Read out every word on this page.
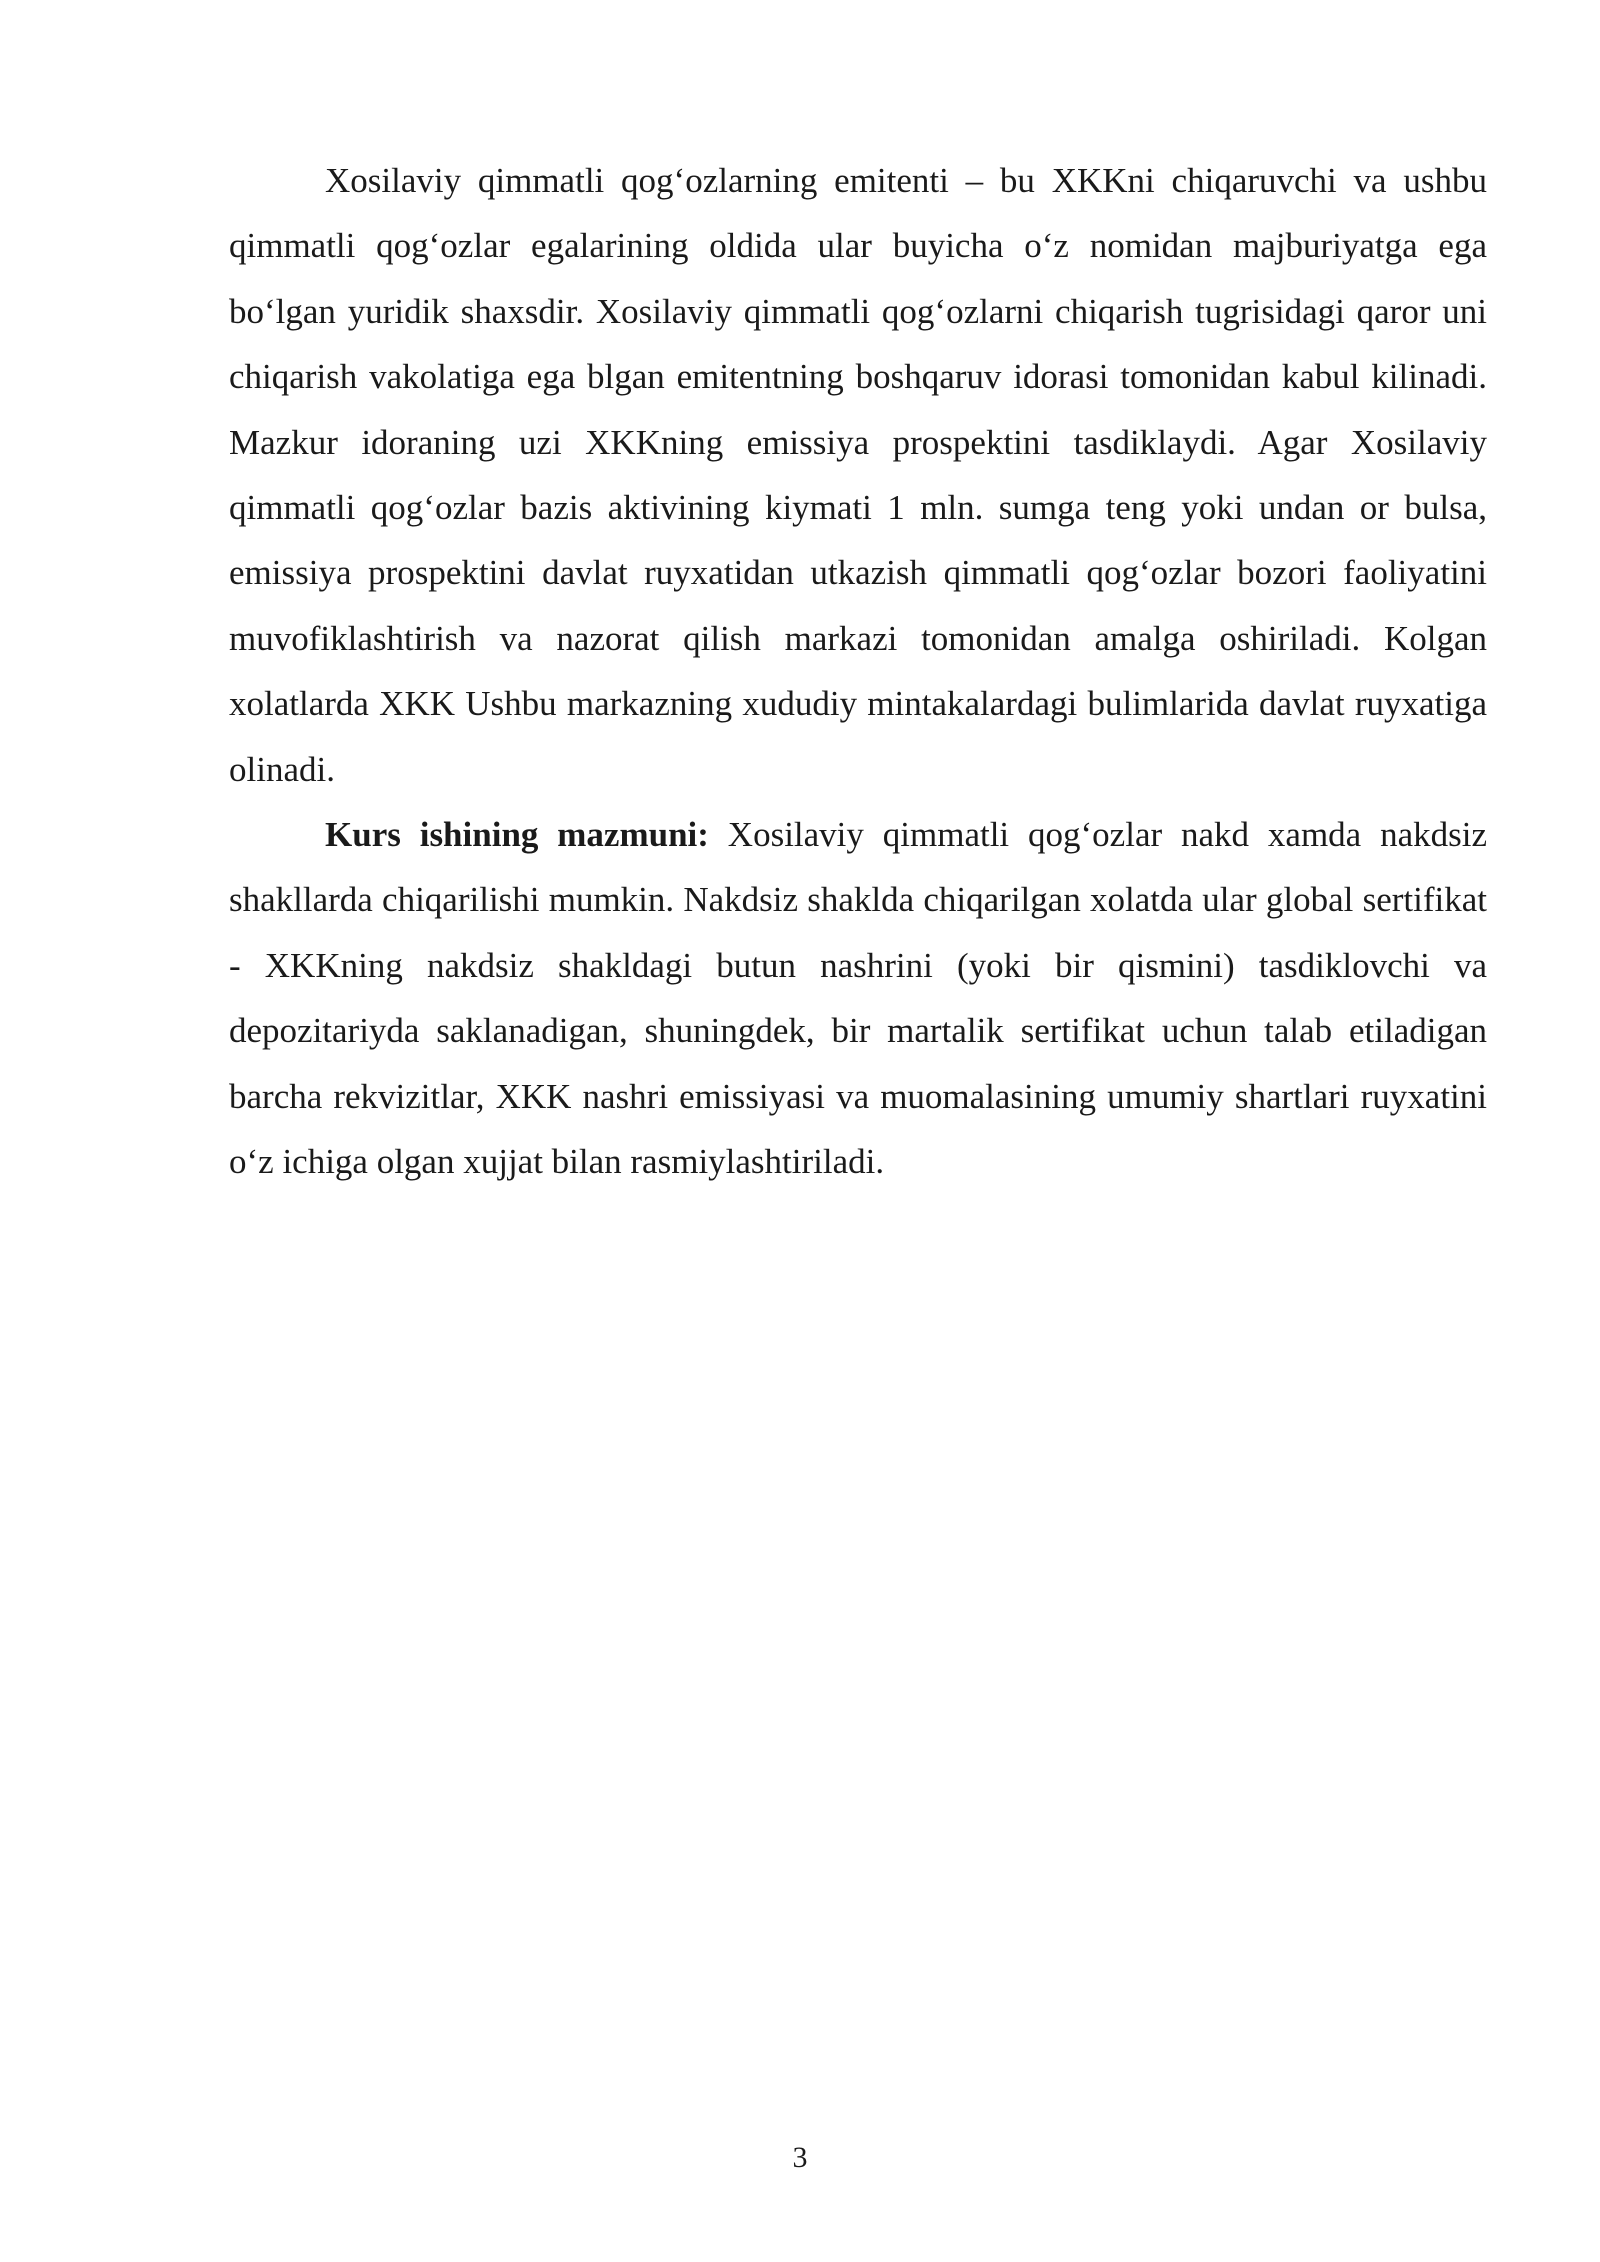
Xosilaviy qimmatli qog‘ozlarning emitenti – bu XKKni chiqaruvchi va ushbu qimmatli qog‘ozlar egalarining oldida ular buyicha o‘z nomidan majburiyatga ega bo‘lgan yuridik shaxsdir. Xosilaviy qimmatli qog‘ozlarni chiqarish tugrisidagi qaror uni chiqarish vakolatiga ega blgan emitentning boshqaruv idorasi tomonidan kabul kilinadi. Mazkur idoraning uzi XKKning emissiya prospektini tasdiklaydi. Agar Xosilaviy qimmatli qog‘ozlar bazis aktivining kiymati 1 mln. sumga teng yoki undan or bulsa, emissiya prospektini davlat ruyxatidan utkazish qimmatli qog‘ozlar bozori faoliyatini muvofiklashtirish va nazorat qilish markazi tomonidan amalga oshiriladi. Kolgan xolatlarda XKK Ushbu markazning xududiy mintakalardagi bulimlarida davlat ruyxatiga olinadi.

Kurs ishining mazmuni: Xosilaviy qimmatli qog‘ozlar nakd xamda nakdsiz shakllarda chiqarilishi mumkin. Nakdsiz shaklda chiqarilgan xolatda ular global sertifikat - XKKning nakdsiz shakldagi butun nashrini (yoki bir qismini) tasdiklovchi va depozitariyda saklanadigan, shuningdek, bir martalik sertifikat uchun talab etiladigan barcha rekvizitlar, XKK nashri emissiyasi va muomalasining umumiy shartlari ruyxatini o‘z ichiga olgan xujjat bilan rasmiylashtiriladi.

3
